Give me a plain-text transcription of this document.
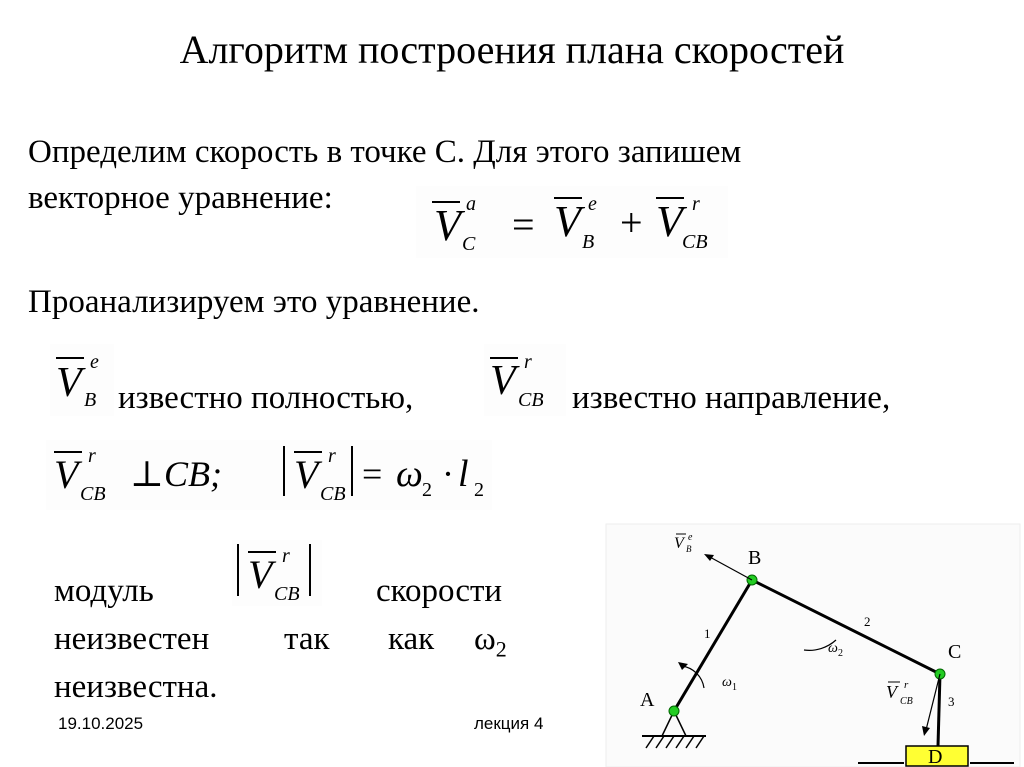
Алгоритм построения плана скоростей
Определим скорость в точке С. Для этого запишем
векторное уравнение:
V a
C = V e
B + V r
CB
Проанализируем это уравнение.
V e
B известно полностью, V r
CB известно направление,
V r
CB ⊥ CB; V r
CB = ω 2 · l 2
модуль	скорости
неизвестен так как $\omega_2$
неизвестна.
V r
CB
D
A
B
C
1
2
3
ω 1
ω 2
V e
B
V r
CB
19.10.2025	лекция 4
